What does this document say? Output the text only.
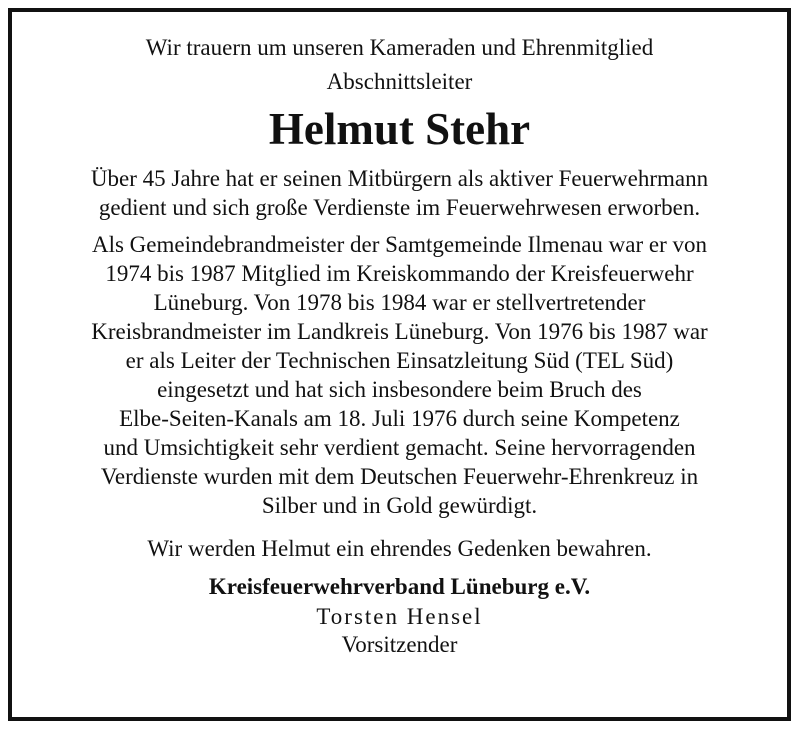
Wir trauern um unseren Kameraden und Ehrenmitglied
Abschnittsleiter
Helmut Stehr

Über 45 Jahre hat er seinen Mitbürgern als aktiver Feuerwehrmann
gedient und sich große Verdienste im Feuerwehrwesen erworben.

Als Gemeindebrandmeister der Samtgemeinde Ilmenau war er von
1974 bis 1987 Mitglied im Kreiskommando der Kreisfeuerwehr
Lüneburg. Von 1978 bis 1984 war er stellvertretender
Kreisbrandmeister im Landkreis Lüneburg. Von 1976 bis 1987 war
er als Leiter der Technischen Einsatzleitung Süd (TEL Süd)
eingesetzt und hat sich insbesondere beim Bruch des
Elbe-Seiten-Kanals am 18. Juli 1976 durch seine Kompetenz
und Umsichtigkeit sehr verdient gemacht. Seine hervorragenden
Verdienste wurden mit dem Deutschen Feuerwehr-Ehrenkreuz in
Silber und in Gold gewürdigt.

Wir werden Helmut ein ehrendes Gedenken bewahren.

Kreisfeuerwehrverband Lüneburg e.V.
Torsten Hensel
Vorsitzender
